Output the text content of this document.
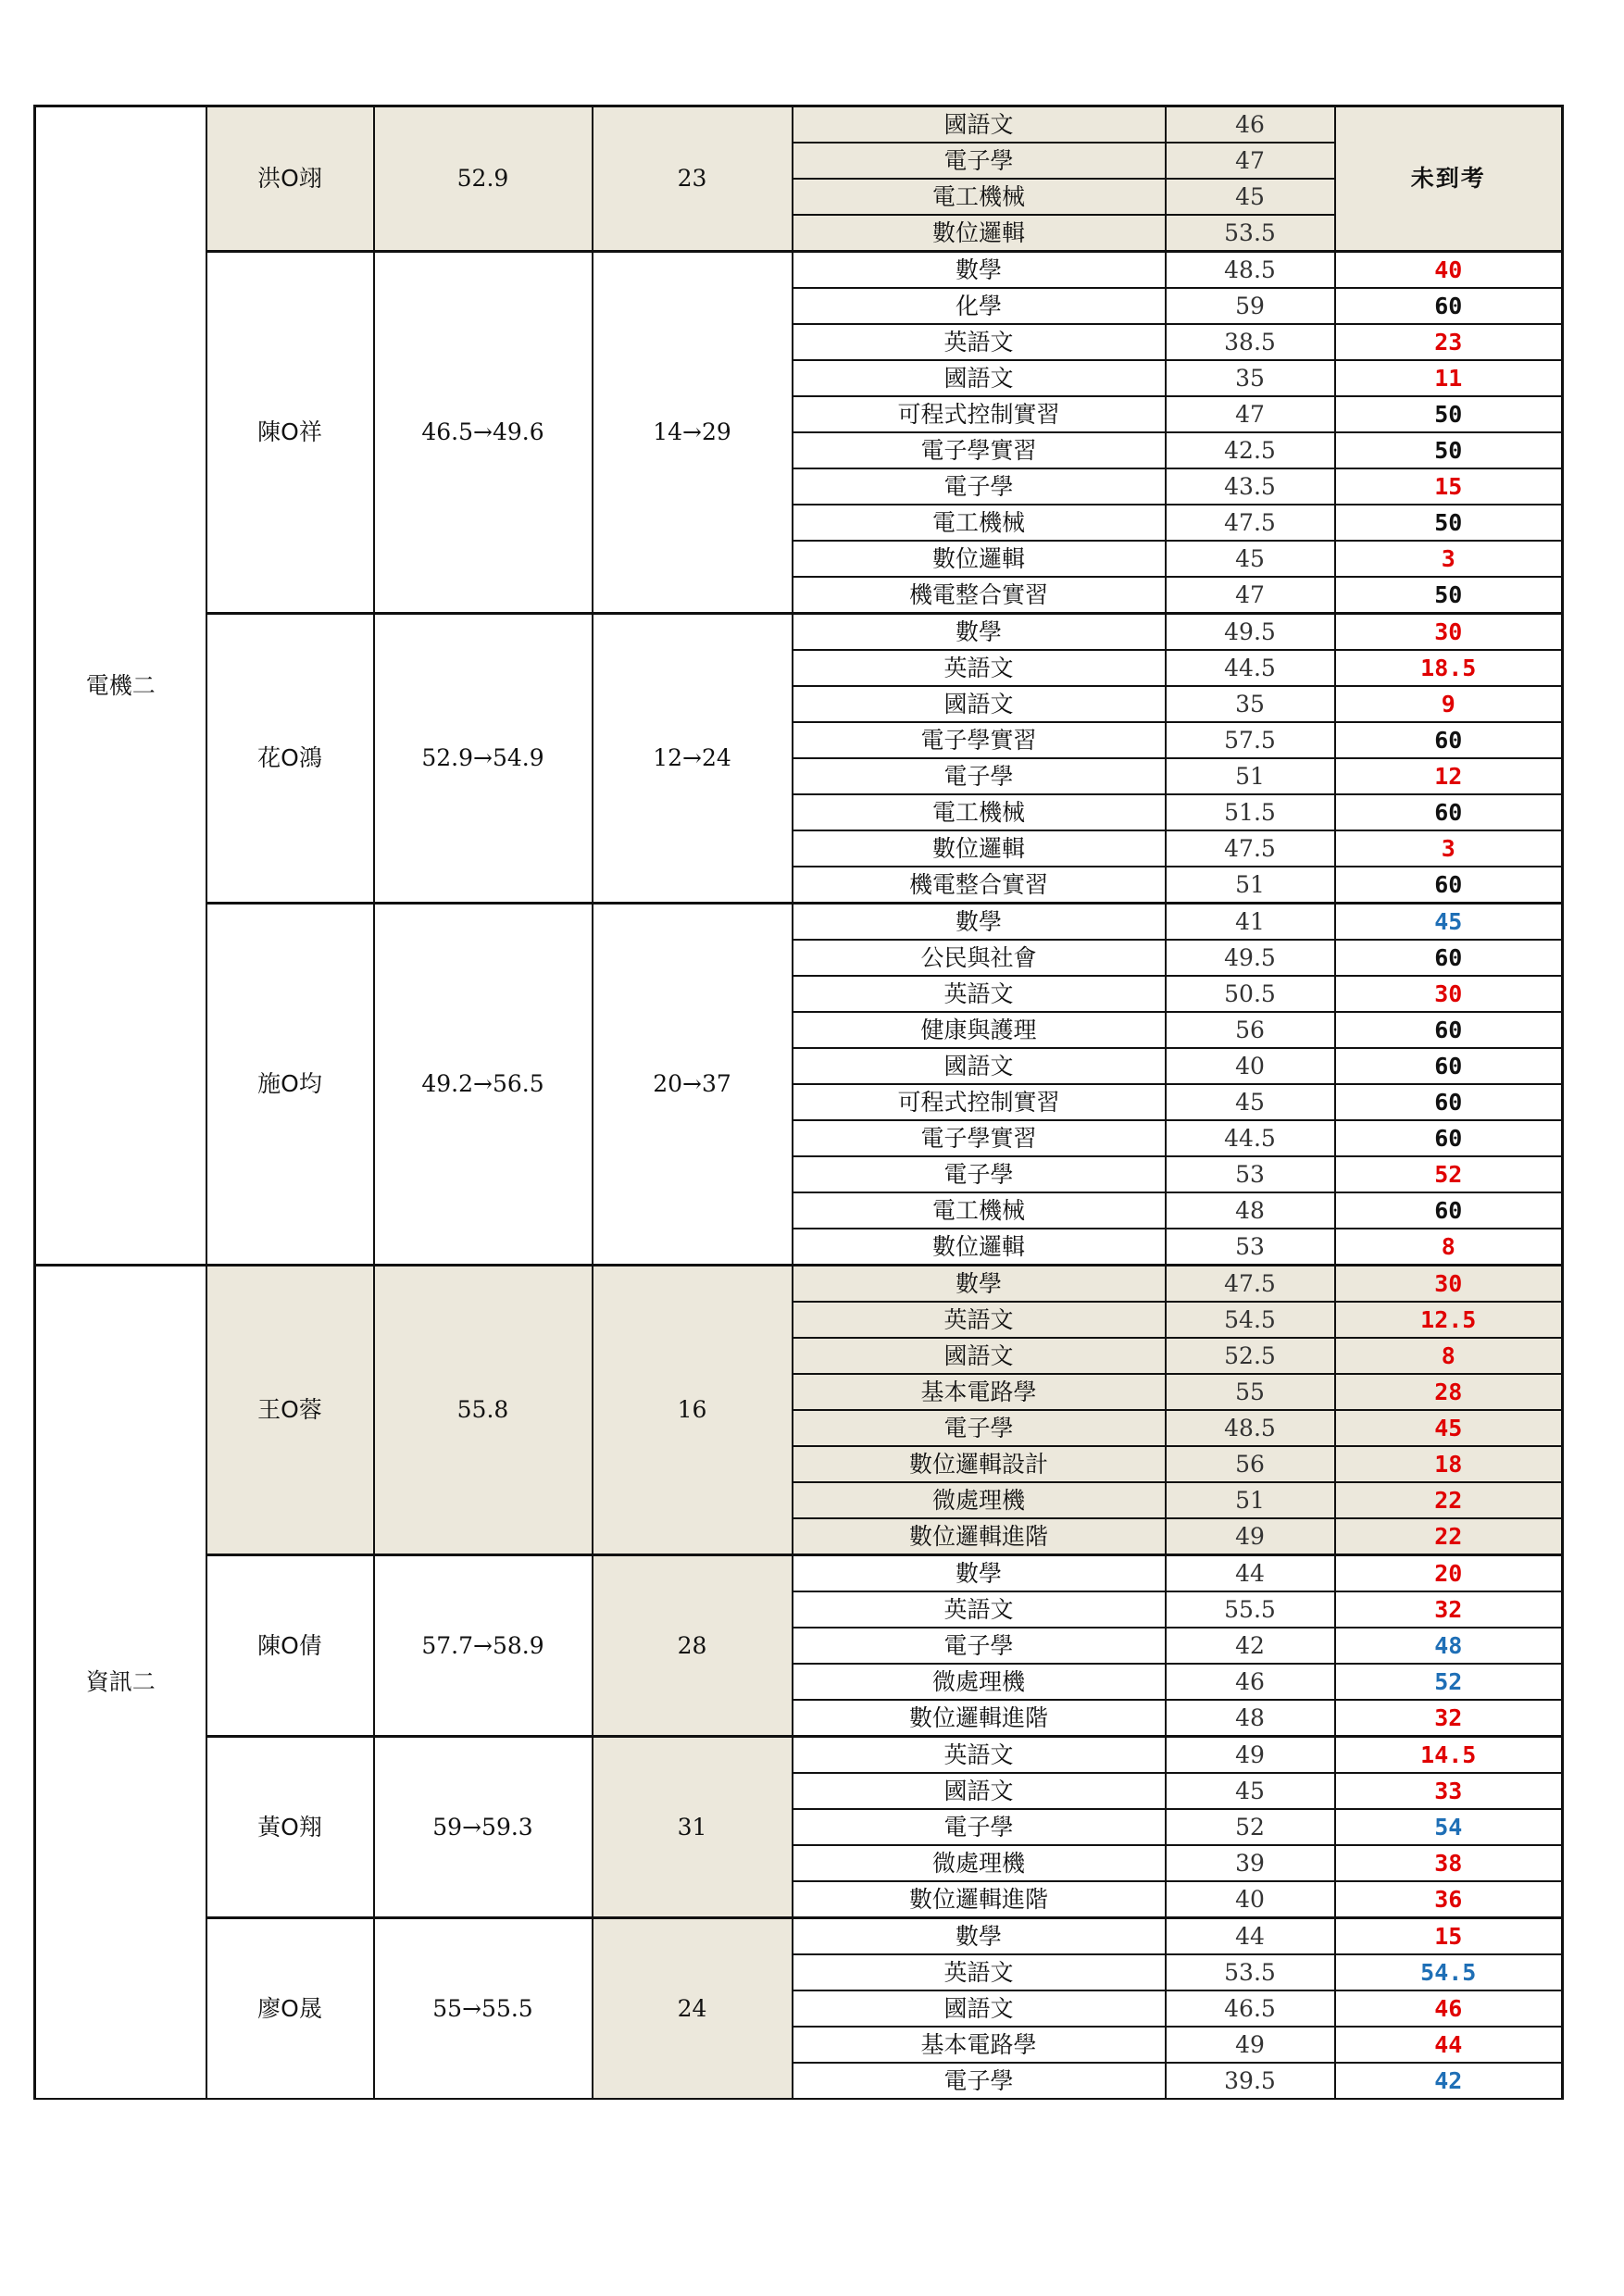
電機二	洪O翊	52.9	23	國語文	46	未到考
				電子學	47	
				電工機械	45	
				數位邏輯	53.5	
	陳O祥	46.5→49.6	14→29	數學	48.5	40
				化學	59	60
				英語文	38.5	23
				國語文	35	11
				可程式控制實習	47	50
				電子學實習	42.5	50
				電子學	43.5	15
				電工機械	47.5	50
				數位邏輯	45	3
				機電整合實習	47	50
	花O鴻	52.9→54.9	12→24	數學	49.5	30
				英語文	44.5	18.5
				國語文	35	9
				電子學實習	57.5	60
				電子學	51	12
				電工機械	51.5	60
				數位邏輯	47.5	3
				機電整合實習	51	60
	施O均	49.2→56.5	20→37	數學	41	45
				公民與社會	49.5	60
				英語文	50.5	30
				健康與護理	56	60
				國語文	40	60
				可程式控制實習	45	60
				電子學實習	44.5	60
				電子學	53	52
				電工機械	48	60
				數位邏輯	53	8
資訊二	王O蓉	55.8	16	數學	47.5	30
				英語文	54.5	12.5
				國語文	52.5	8
				基本電路學	55	28
				電子學	48.5	45
				數位邏輯設計	56	18
				微處理機	51	22
				數位邏輯進階	49	22
	陳O倩	57.7→58.9	28	數學	44	20
				英語文	55.5	32
				電子學	42	48
				微處理機	46	52
				數位邏輯進階	48	32
	黃O翔	59→59.3	31	英語文	49	14.5
				國語文	45	33
				電子學	52	54
				微處理機	39	38
				數位邏輯進階	40	36
	廖O晟	55→55.5	24	數學	44	15
				英語文	53.5	54.5
				國語文	46.5	46
				基本電路學	49	44
				電子學	39.5	42
